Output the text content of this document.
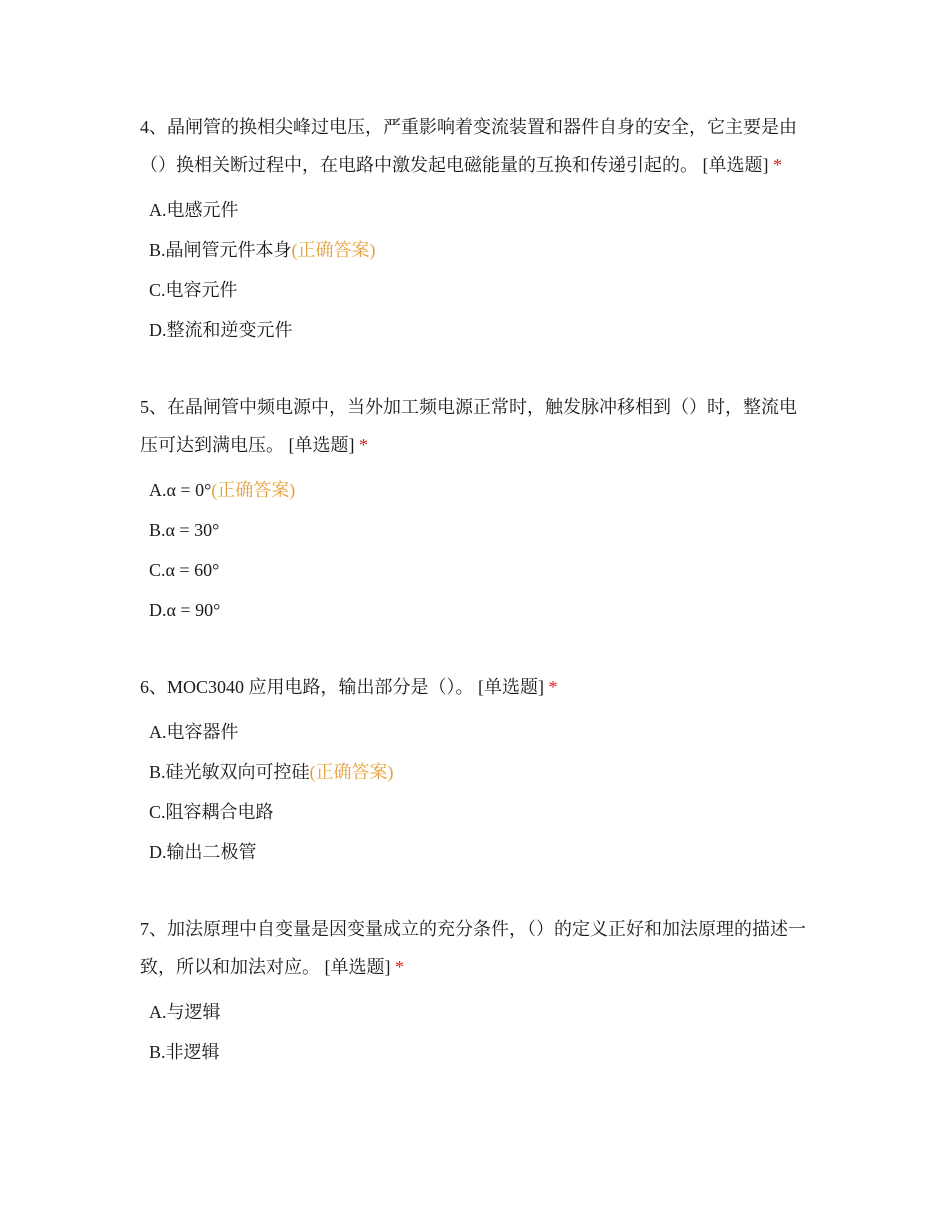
4、晶闸管的换相尖峰过电压，严重影响着变流装置和器件自身的安全，它主要是由（）换相关断过程中，在电路中激发起电磁能量的互换和传递引起的。 [单选题] *

A.电感元件
B.晶闸管元件本身(正确答案)
C.电容元件
D.整流和逆变元件

5、在晶闸管中频电源中，当外加工频电源正常时，触发脉冲移相到（）时，整流电压可达到满电压。 [单选题] *

A.α = 0°(正确答案)
B.α = 30°
C.α = 60°
D.α = 90°

6、MOC3040 应用电路，输出部分是（）。 [单选题] *

A.电容器件
B.硅光敏双向可控硅(正确答案)
C.阻容耦合电路
D.输出二极管

7、加法原理中自变量是因变量成立的充分条件，（）的定义正好和加法原理的描述一致，所以和加法对应。 [单选题] *

A.与逻辑
B.非逻辑
